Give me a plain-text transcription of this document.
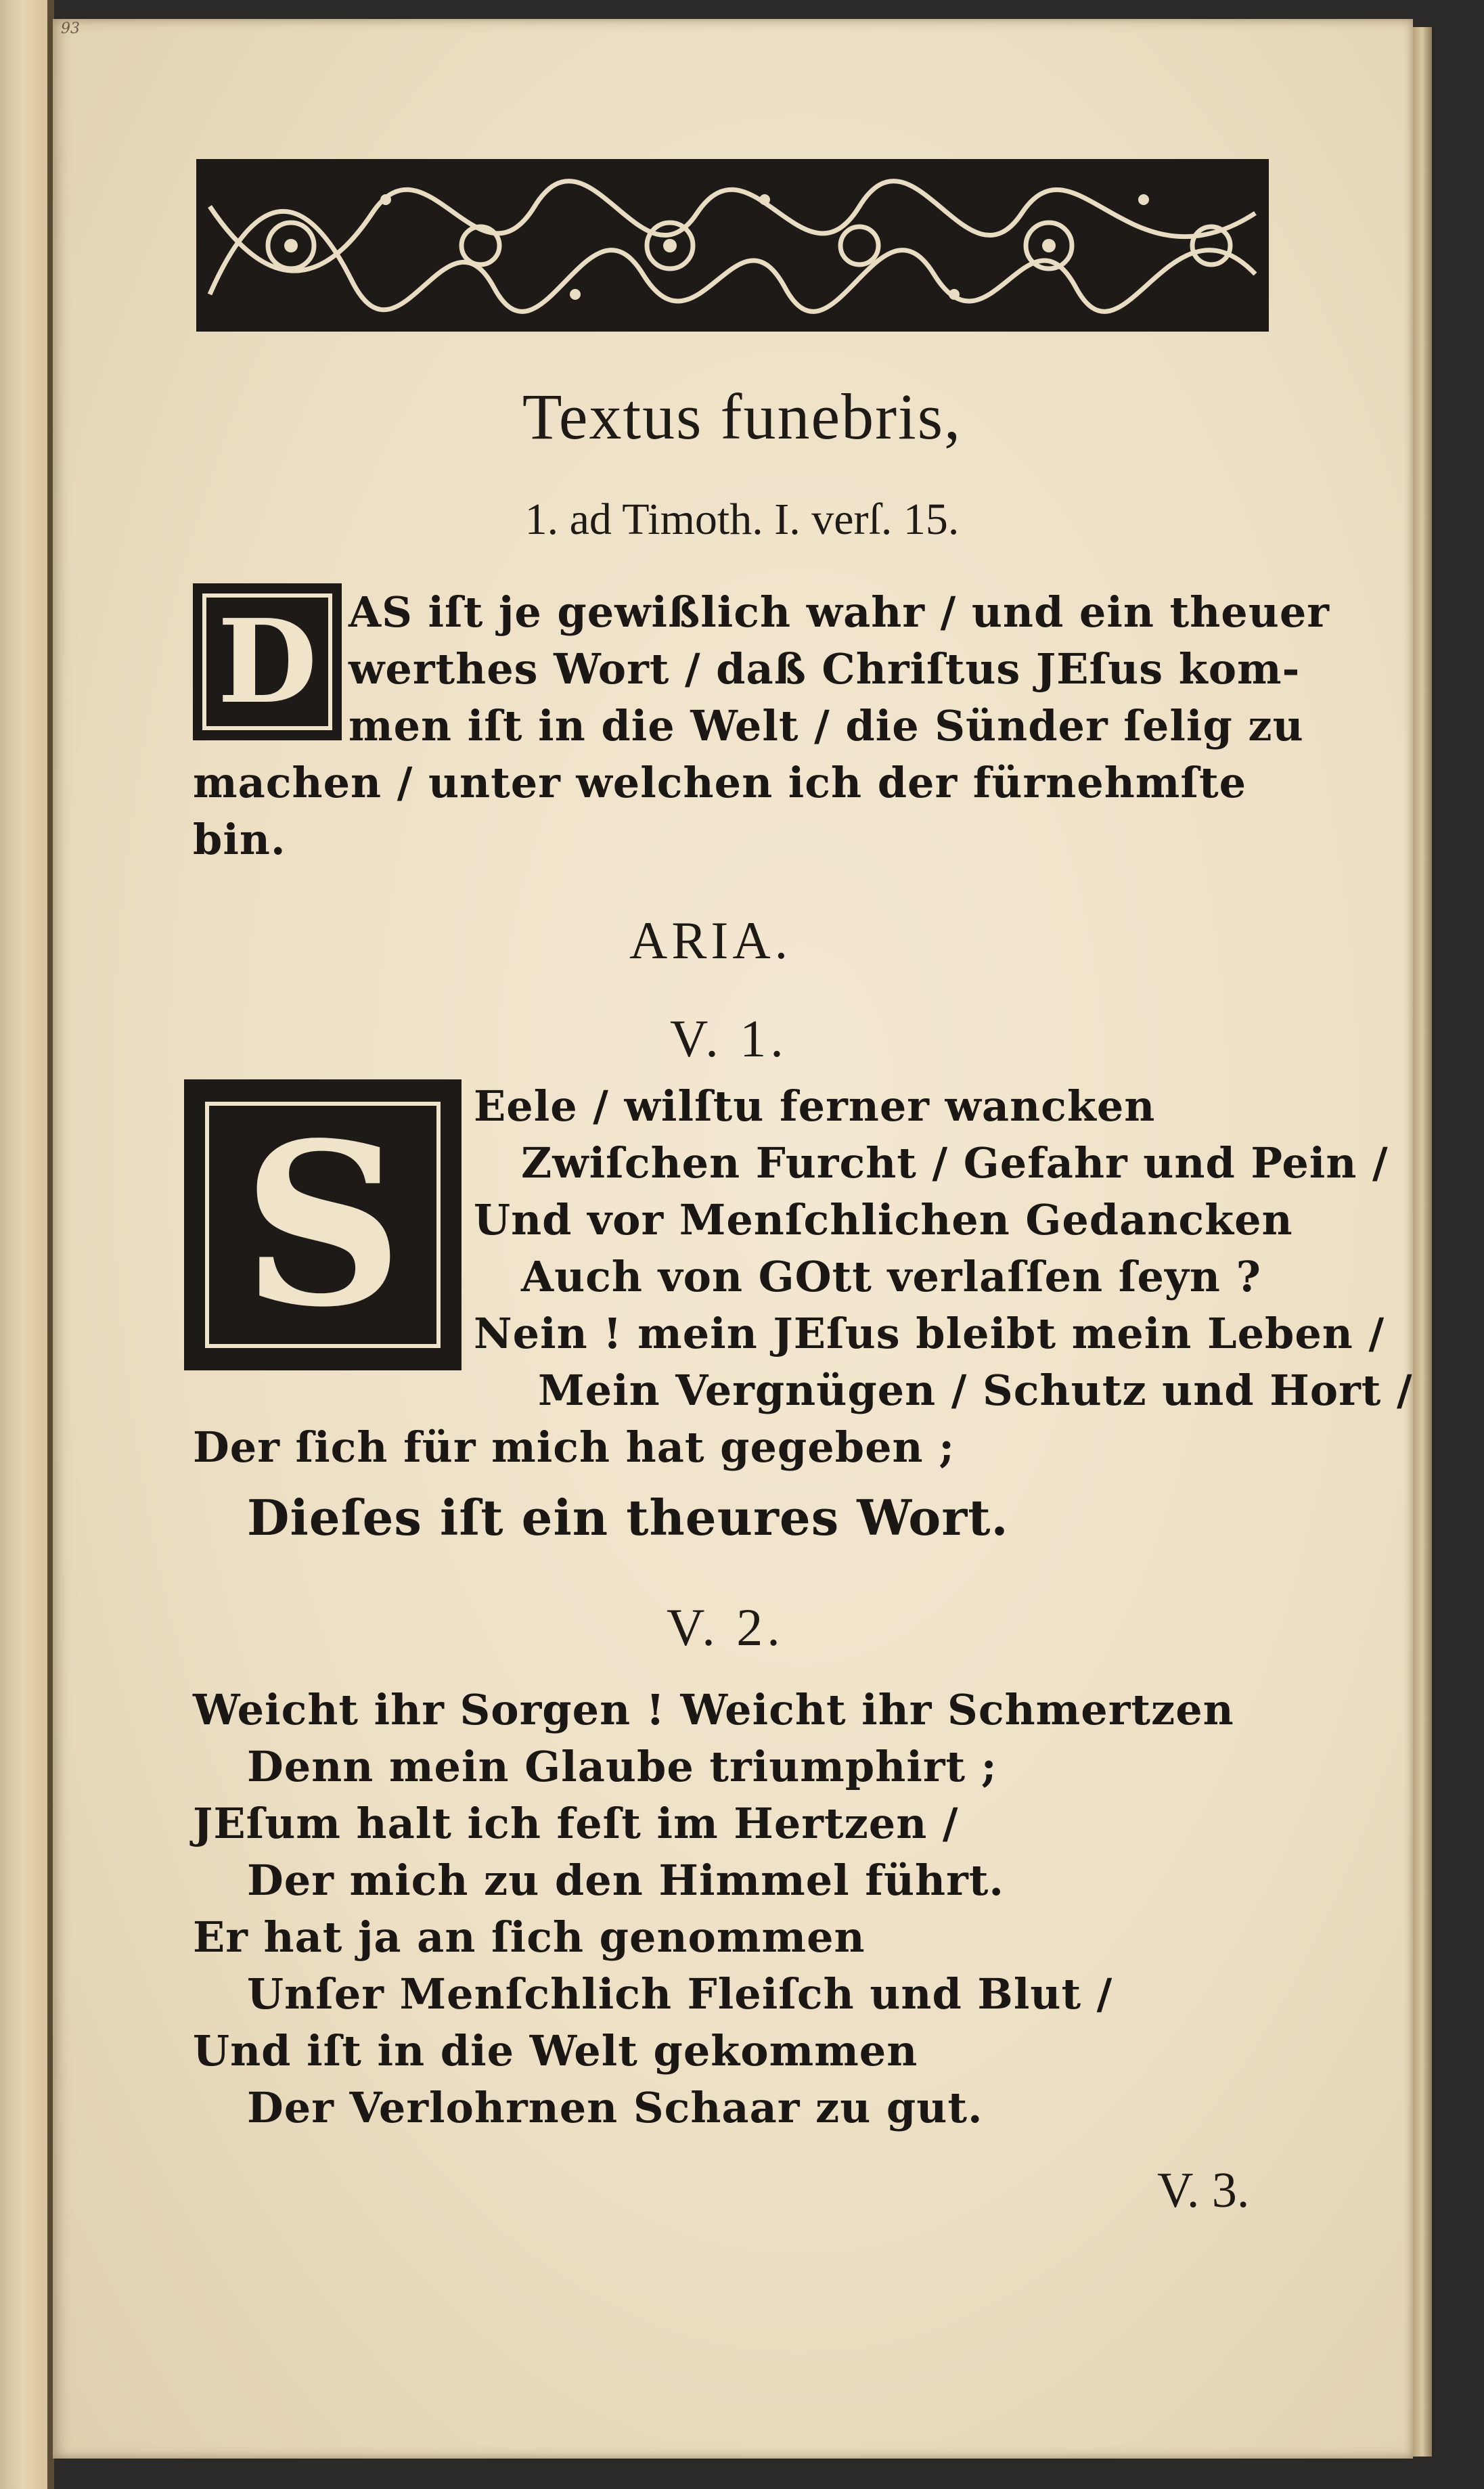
93
Textus funebris,
1. ad Timoth. I. verſ. 15.
D AS iſt je gewißlich wahr / und ein theuer
werthes Wort / daß Chriſtus JEſus kom-
men iſt in die Welt / die Sünder ſelig zu
machen / unter welchen ich der fürnehmſte
bin.
ARIA.
V. 1.
S	Eele / wilſtu ferner wancken
Zwiſchen Furcht / Gefahr und Pein /
Und vor Menſchlichen Gedancken
Auch von GOtt verlaſſen ſeyn ?
Nein ! mein JEſus bleibt mein Leben /
Mein Vergnügen / Schutz und Hort /
Der ſich für mich hat gegeben ;
Dieſes iſt ein theures Wort.
V. 2.
Weicht ihr Sorgen ! Weicht ihr Schmertzen
Denn mein Glaube triumphirt ;
JEſum halt ich feſt im Hertzen /
Der mich zu den Himmel führt.
Er hat ja an ſich genommen
Unſer Menſchlich Fleiſch und Blut /
Und iſt in die Welt gekommen
Der Verlohrnen Schaar zu gut.
V. 3.
